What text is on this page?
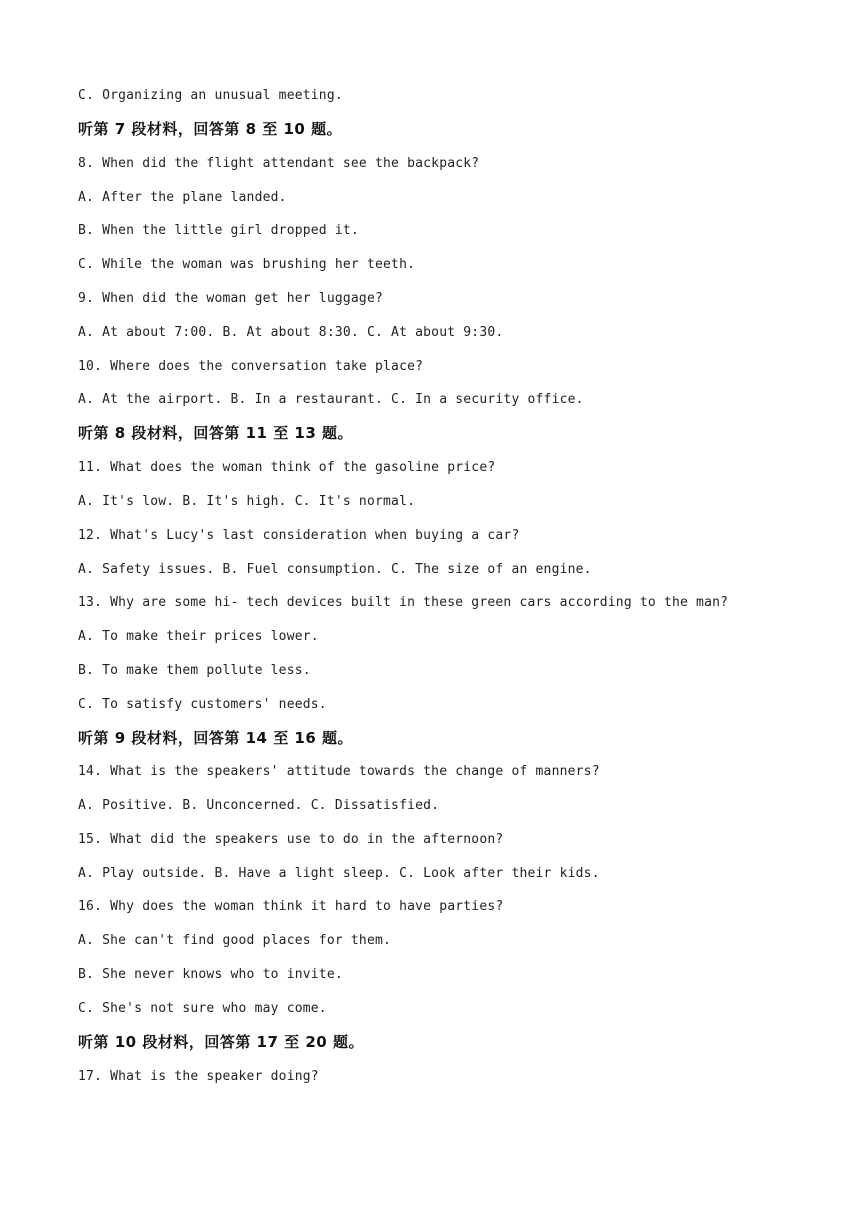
C. Organizing an unusual meeting.
听第 7 段材料，回答第 8 至 10 题。
8. When did the flight attendant see the backpack?
A. After the plane landed.
B. When the little girl dropped it.
C. While the woman was brushing her teeth.
9. When did the woman get her luggage?
A. At about 7:00. B. At about 8:30. C. At about 9:30.
10. Where does the conversation take place?
A. At the airport. B. In a restaurant. C. In a security office.
听第 8 段材料，回答第 11 至 13 题。
11. What does the woman think of the gasoline price?
A. It's low. B. It's high. C. It's normal.
12. What's Lucy's last consideration when buying a car?
A. Safety issues. B. Fuel consumption. C. The size of an engine.
13. Why are some hi- tech devices built in these green cars according to the man?
A. To make their prices lower.
B. To make them pollute less.
C. To satisfy customers' needs.
听第 9 段材料，回答第 14 至 16 题。
14. What is the speakers' attitude towards the change of manners?
A. Positive. B. Unconcerned. C. Dissatisfied.
15. What did the speakers use to do in the afternoon?
A. Play outside. B. Have a light sleep. C. Look after their kids.
16. Why does the woman think it hard to have parties?
A. She can't find good places for them.
B. She never knows who to invite.
C. She's not sure who may come.
听第 10 段材料，回答第 17 至 20 题。
17. What is the speaker doing?
